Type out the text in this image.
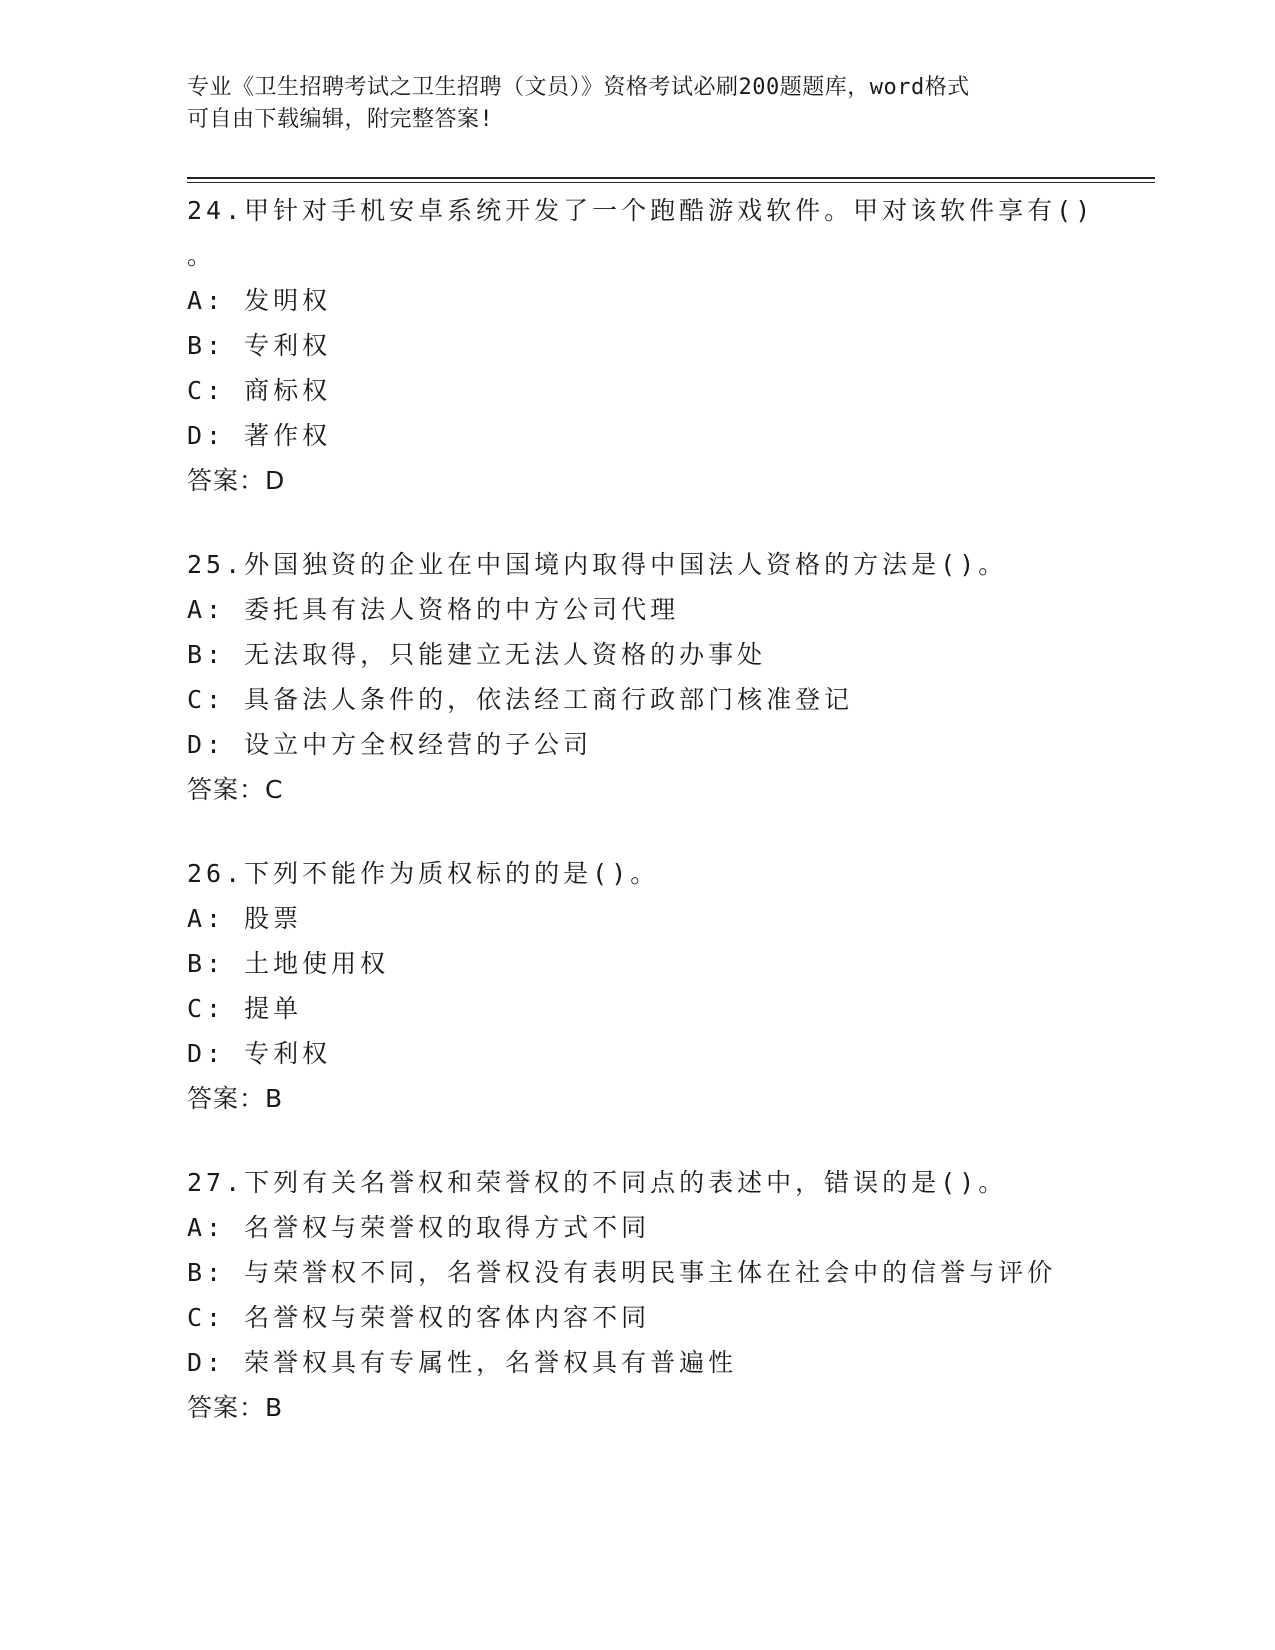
专业《卫生招聘考试之卫生招聘（文员）》资格考试必刷200题题库，word格式
可自由下载编辑，附完整答案!
24.甲针对手机安卓系统开发了一个跑酷游戏软件。甲对该软件享有()
。
A: 发明权
B: 专利权
C: 商标权
D: 著作权
答案：D
25.外国独资的企业在中国境内取得中国法人资格的方法是()。
A: 委托具有法人资格的中方公司代理
B: 无法取得，只能建立无法人资格的办事处
C: 具备法人条件的，依法经工商行政部门核准登记
D: 设立中方全权经营的子公司
答案：C
26.下列不能作为质权标的的是()。
A: 股票
B: 土地使用权
C: 提单
D: 专利权
答案：B
27.下列有关名誉权和荣誉权的不同点的表述中，错误的是()。
A: 名誉权与荣誉权的取得方式不同
B: 与荣誉权不同，名誉权没有表明民事主体在社会中的信誉与评价
C: 名誉权与荣誉权的客体内容不同
D: 荣誉权具有专属性，名誉权具有普遍性
答案：B
